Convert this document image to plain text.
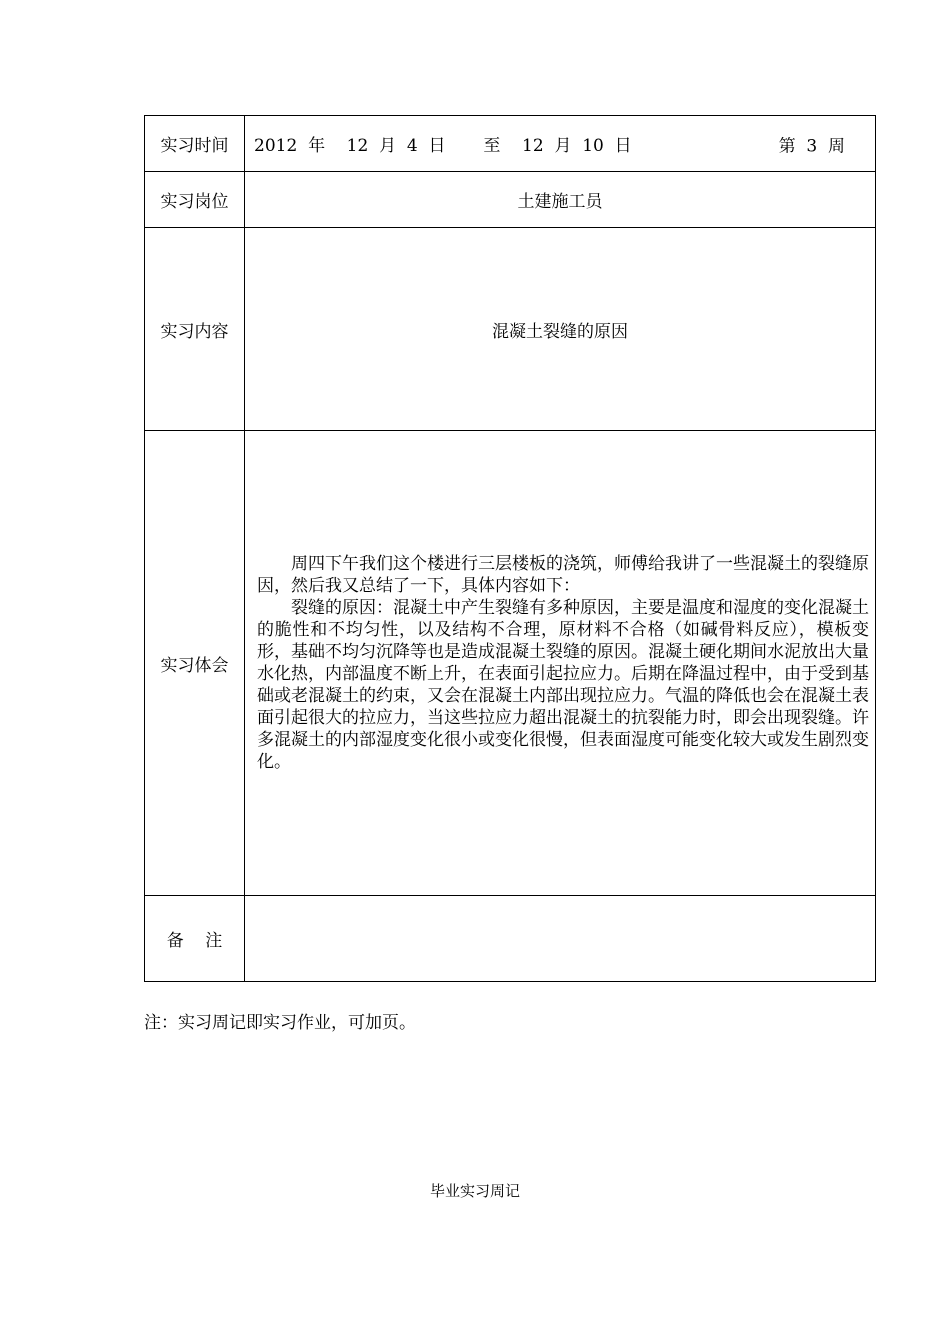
实习时间	2012  年    12  月  4  日       至    12  月  10  日 第  3  周

实习岗位	土建施工员
实习内容	混凝土裂缝的原因
实习体会	周四下午我们这个楼进行三层楼板的浇筑，师傅给我讲了一些混凝土的裂缝原因，然后我又总结了一下，具体内容如下：

裂缝的原因：混凝土中产生裂缝有多种原因，主要是温度和湿度的变化混凝土的脆性和不均匀性，以及结构不合理，原材料不合格（如碱骨料反应），模板变形，基础不均匀沉降等也是造成混凝土裂缝的原因。混凝土硬化期间水泥放出大量水化热，内部温度不断上升，在表面引起拉应力。后期在降温过程中，由于受到基础或老混凝土的约束，又会在混凝土内部出现拉应力。气温的降低也会在混凝土表面引起很大的拉应力，当这些拉应力超出混凝土的抗裂能力时，即会出现裂缝。许多混凝土的内部湿度变化很小或变化很慢，但表面湿度可能变化较大或发生剧烈变化。

备    注	
注：实习周记即实习作业，可加页。
毕业实习周记
